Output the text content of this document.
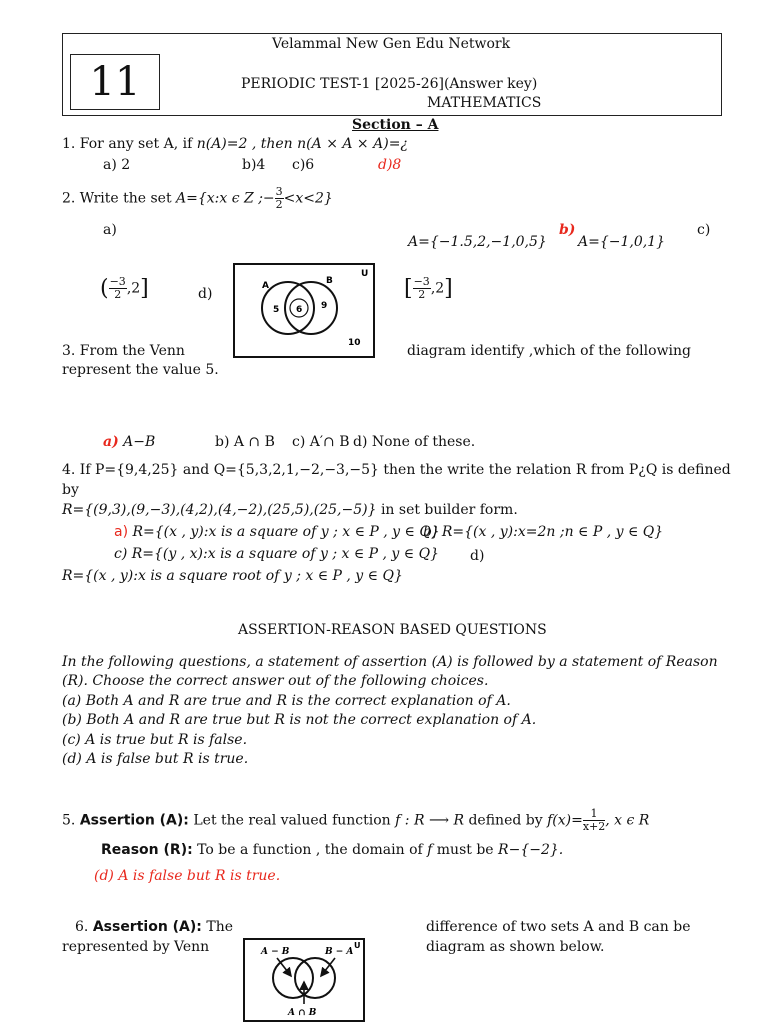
Velammal New Gen Edu Network
11	PERIODIC TEST-1 [2025-26](Answer key)
MATHEMATICS
Section – A
1. For any set A, if n(A)=2 , then n(A × A × A)=¿
a) 2	b)4 c)6	d)8
2. Write the set A={x:x ϵ Z ;− $\frac{3}{2} <x<2$}
a)
A={−1.5,2,−1,0,5}
b)
A={−1,0,1}
c)
( $\frac{-3}{2} ,2$]	d)	[ $\frac{-3}{2} ,2$]
A	B
U
5 6 9
10
3. From the Venn	diagram identify ,which of the following
represent the value 5.
a) A−B	b) A ∩ B c) A′∩ B d) None of these.
4. If P={9,4,25} and Q={5,3,2,1,−2,−3,−5} then the write the relation R from P¿Q is defined
by
R={(9,3),(9,−3),(4,2),(4,−2),(25,5),(25,−5)} in set builder form.
a) R={(x , y):x is a square of y ; x ∈ P , y ∈ Q}
b) R={(x , y):x=2n ;n ∈ P , y ∈ Q}
c) R={(y , x):x is a square of y ; x ∈ P , y ∈ Q} d)
R={(x , y):x is a square root of y ; x ∈ P , y ∈ Q}
ASSERTION-REASON BASED QUESTIONS
In the following questions, a statement of assertion (A) is followed by a statement of Reason
(R). Choose the correct answer out of the following choices.
(a) Both A and R are true and R is the correct explanation of A.
(b) Both A and R are true but R is not the correct explanation of A.
(c) A is true but R is false.
(d) A is false but R is true.
5. Assertion (A): Let the real valued function f : R ⟶ R defined by $f(x)= \frac{1}{x+2}$ , x ϵ R
Reason (R): To be a function , the domain of f must be R−{−2}.
(d) A is false but R is true.
6. Assertion (A): The	difference of two sets A and B can be
represented by Venn	diagram as shown below.
A − B	B − A
U
A ∩ B
